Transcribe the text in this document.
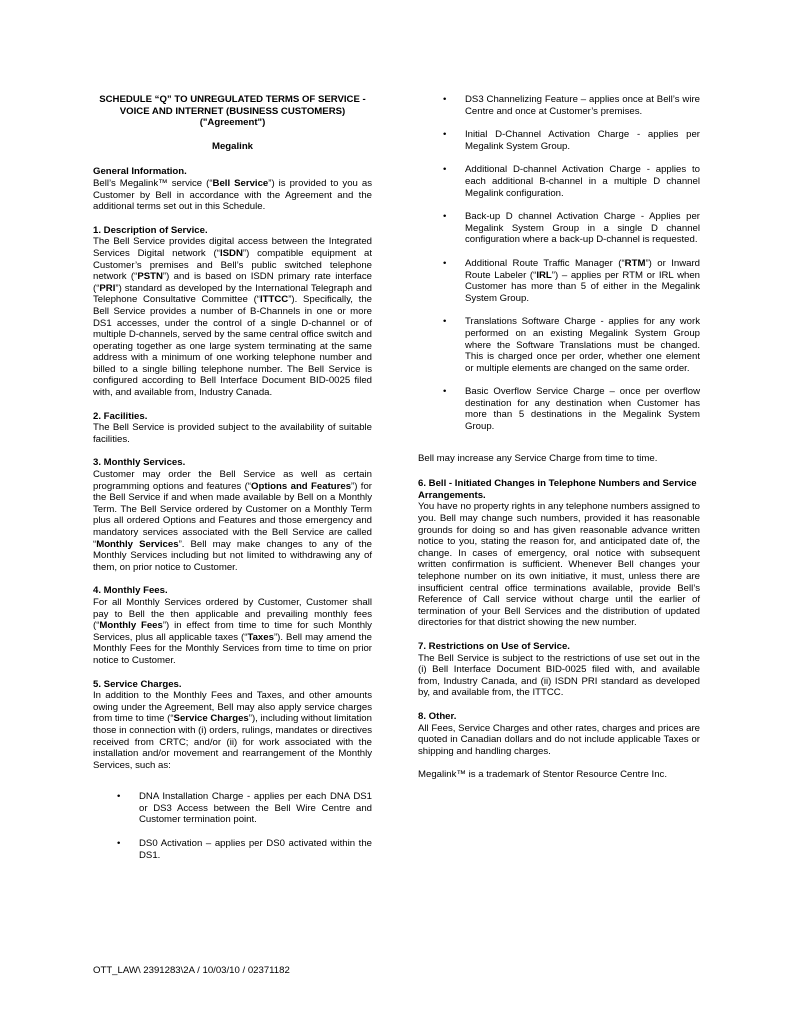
SCHEDULE “Q” TO UNREGULATED TERMS OF SERVICE - VOICE AND INTERNET (BUSINESS CUSTOMERS) ("Agreement")

Megalink

General Information.

Bell’s Megalink™ service (“Bell Service”) is provided to you as Customer by Bell in accordance with the Agreement and the additional terms set out in this Schedule.

1. Description of Service.

The Bell Service provides digital access between the Integrated Services Digital network (“ISDN”) compatible equipment at Customer’s premises and Bell’s public switched telephone network (“PSTN”) and is based on ISDN primary rate interface (“PRI”) standard as developed by the International Telegraph and Telephone Consultative Committee (“ITTCC”). Specifically, the Bell Service provides a number of B-Channels in one or more DS1 accesses, under the control of a single D-channel or of multiple D-channels, served by the same central office switch and operating together as one large system terminating at the same address with a minimum of one working telephone number and billed to a single billing telephone number. The Bell Service is configured according to Bell Interface Document BID-0025 filed with, and available from, Industry Canada.

2. Facilities.

The Bell Service is provided subject to the availability of suitable facilities.

3. Monthly Services.

Customer may order the Bell Service as well as certain programming options and features (“Options and Features”) for the Bell Service if and when made available by Bell on a Monthly Term. The Bell Service ordered by Customer on a Monthly Term plus all ordered Options and Features and those emergency and mandatory services associated with the Bell Service are called “Monthly Services”. Bell may make changes to any of the Monthly Services including but not limited to withdrawing any of them, on prior notice to Customer.

4. Monthly Fees.

For all Monthly Services ordered by Customer, Customer shall pay to Bell the then applicable and prevailing monthly fees (“Monthly Fees”) in effect from time to time for such Monthly Services, plus all applicable taxes (“Taxes”). Bell may amend the Monthly Fees for the Monthly Services from time to time on prior notice to Customer.

5. Service Charges.

In addition to the Monthly Fees and Taxes, and other amounts owing under the Agreement, Bell may also apply service charges from time to time (“Service Charges”), including without limitation those in connection with (i) orders, rulings, mandates or directives received from CRTC; and/or (ii) for work associated with the installation and/or movement and rearrangement of the Monthly Services, such as:

• DNA Installation Charge - applies per each DNA DS1 or DS3 Access between the Bell Wire Centre and Customer termination point.
• DS0 Activation – applies per DS0 activated within the DS1.
• DS3 Channelizing Feature – applies once at Bell’s wire Centre and once at Customer’s premises.
• Initial D-Channel Activation Charge - applies per Megalink System Group.
• Additional D-channel Activation Charge - applies to each additional B-channel in a multiple D channel Megalink configuration.
• Back-up D channel Activation Charge - Applies per Megalink System Group in a single D channel configuration where a back-up D-channel is requested.
• Additional Route Traffic Manager (“RTM”) or Inward Route Labeler (“IRL”) – applies per RTM or IRL when Customer has more than 5 of either in the Megalink System Group.
• Translations Software Charge - applies for any work performed on an existing Megalink System Group where the Software Translations must be changed. This is charged once per order, whether one element or multiple elements are changed on the same order.
• Basic Overflow Service Charge – once per overflow destination for any destination when Customer has more than 5 destinations in the Megalink System Group.

Bell may increase any Service Charge from time to time.

6. Bell - Initiated Changes in Telephone Numbers and Service Arrangements.

You have no property rights in any telephone numbers assigned to you. Bell may change such numbers, provided it has reasonable grounds for doing so and has given reasonable advance written notice to you, stating the reason for, and anticipated date of, the change. In cases of emergency, oral notice with subsequent written confirmation is sufficient. Whenever Bell changes your telephone number on its own initiative, it must, unless there are insufficient central office terminations available, provide Bell’s Reference of Call service without charge until the earlier of termination of your Bell Services and the distribution of updated directories for that district showing the new number.

7. Restrictions on Use of Service.

The Bell Service is subject to the restrictions of use set out in the (i) Bell Interface Document BID-0025 filed with, and available from, Industry Canada, and (ii) ISDN PRI standard as developed by, and available from, the ITTCC.

8. Other.

All Fees, Service Charges and other rates, charges and prices are quoted in Canadian dollars and do not include applicable Taxes or shipping and handling charges.

Megalink™ is a trademark of Stentor Resource Centre Inc.

OTT_LAW\ 2391283\2A / 10/03/10 / 02371182
